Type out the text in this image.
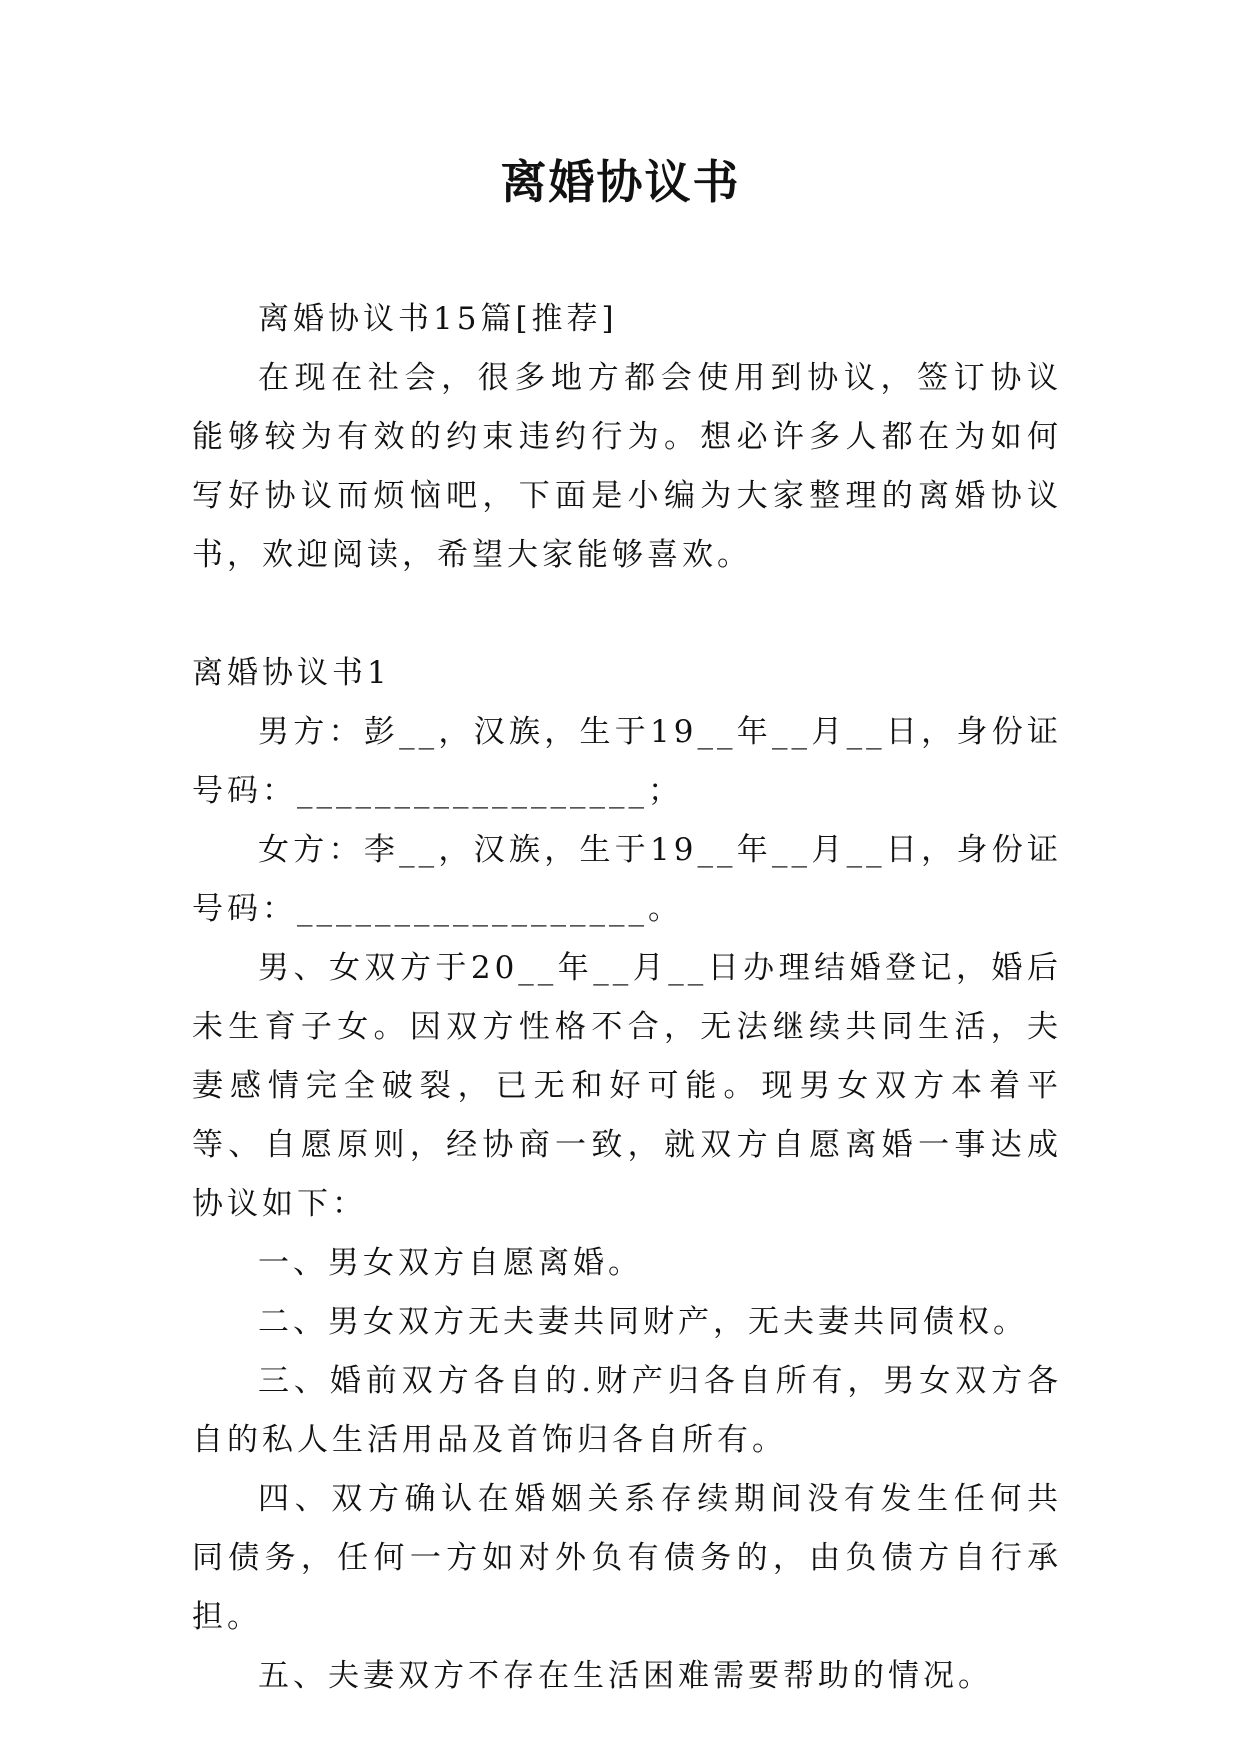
离婚协议书

离婚协议书15篇[推荐]

在现在社会，很多地方都会使用到协议，签订协议能够较为有效的约束违约行为。想必许多人都在为如何写好协议而烦恼吧，下面是小编为大家整理的离婚协议书，欢迎阅读，希望大家能够喜欢。

离婚协议书1

男方：彭__，汉族，生于19__年__月__日，身份证号码：__________________；

女方：李__，汉族，生于19__年__月__日，身份证号码：__________________。

男、女双方于20__年__月__日办理结婚登记，婚后未生育子女。因双方性格不合，无法继续共同生活，夫妻感情完全破裂，已无和好可能。现男女双方本着平等、自愿原则，经协商一致，就双方自愿离婚一事达成协议如下：

一、男女双方自愿离婚。

二、男女双方无夫妻共同财产，无夫妻共同债权。

三、婚前双方各自的.财产归各自所有，男女双方各自的私人生活用品及首饰归各自所有。

四、双方确认在婚姻关系存续期间没有发生任何共同债务，任何一方如对外负有债务的，由负债方自行承担。

五、夫妻双方不存在生活困难需要帮助的情况。
